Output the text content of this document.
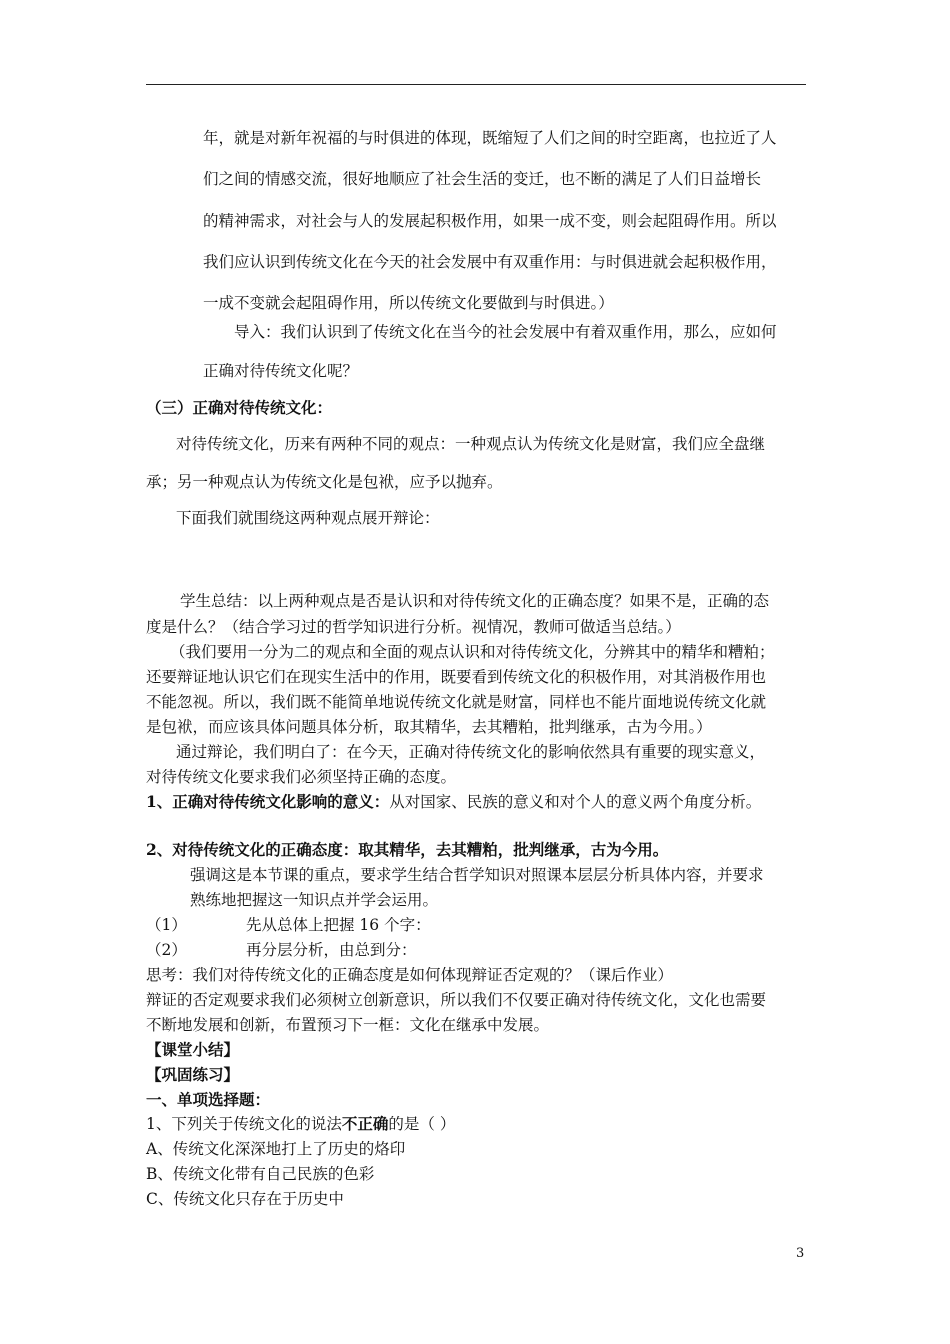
年，就是对新年祝福的与时俱进的体现，既缩短了人们之间的时空距离，也拉近了人
们之间的情感交流，很好地顺应了社会生活的变迁，也不断的满足了人们日益增长
的精神需求，对社会与人的发展起积极作用，如果一成不变，则会起阻碍作用。所以
我们应认识到传统文化在今天的社会发展中有双重作用：与时俱进就会起积极作用，
一成不变就会起阻碍作用，所以传统文化要做到与时俱进。）
导入：我们认识到了传统文化在当今的社会发展中有着双重作用，那么，应如何
正确对待传统文化呢？
（三）正确对待传统文化：
对待传统文化，历来有两种不同的观点：一种观点认为传统文化是财富，我们应全盘继
承；另一种观点认为传统文化是包袱，应予以抛弃。
下面我们就围绕这两种观点展开辩论：
学生总结：以上两种观点是否是认识和对待传统文化的正确态度？如果不是，正确的态
度是什么？（结合学习过的哲学知识进行分析。视情况，教师可做适当总结。）
（我们要用一分为二的观点和全面的观点认识和对待传统文化，分辨其中的精华和糟粕；
还要辩证地认识它们在现实生活中的作用，既要看到传统文化的积极作用，对其消极作用也
不能忽视。所以，我们既不能简单地说传统文化就是财富，同样也不能片面地说传统文化就
是包袱，而应该具体问题具体分析，取其精华，去其糟粕，批判继承，古为今用。）
通过辩论，我们明白了：在今天，正确对待传统文化的影响依然具有重要的现实意义，
对待传统文化要求我们必须坚持正确的态度。
1、正确对待传统文化影响的意义：从对国家、民族的意义和对个人的意义两个角度分析。
2、对待传统文化的正确态度：取其精华，去其糟粕，批判继承，古为今用。
强调这是本节课的重点，要求学生结合哲学知识对照课本层层分析具体内容，并要求
熟练地把握这一知识点并学会运用。
（1）	先从总体上把握 16 个字：
（2）	再分层分析，由总到分：
思考：我们对待传统文化的正确态度是如何体现辩证否定观的？（课后作业）
辩证的否定观要求我们必须树立创新意识，所以我们不仅要正确对待传统文化，文化也需要
不断地发展和创新，布置预习下一框：文化在继承中发展。
【课堂小结】
【巩固练习】
一、单项选择题：
1、下列关于传统文化的说法不正确的是（ ）
A、传统文化深深地打上了历史的烙印
B、传统文化带有自己民族的色彩
C、传统文化只存在于历史中
3
